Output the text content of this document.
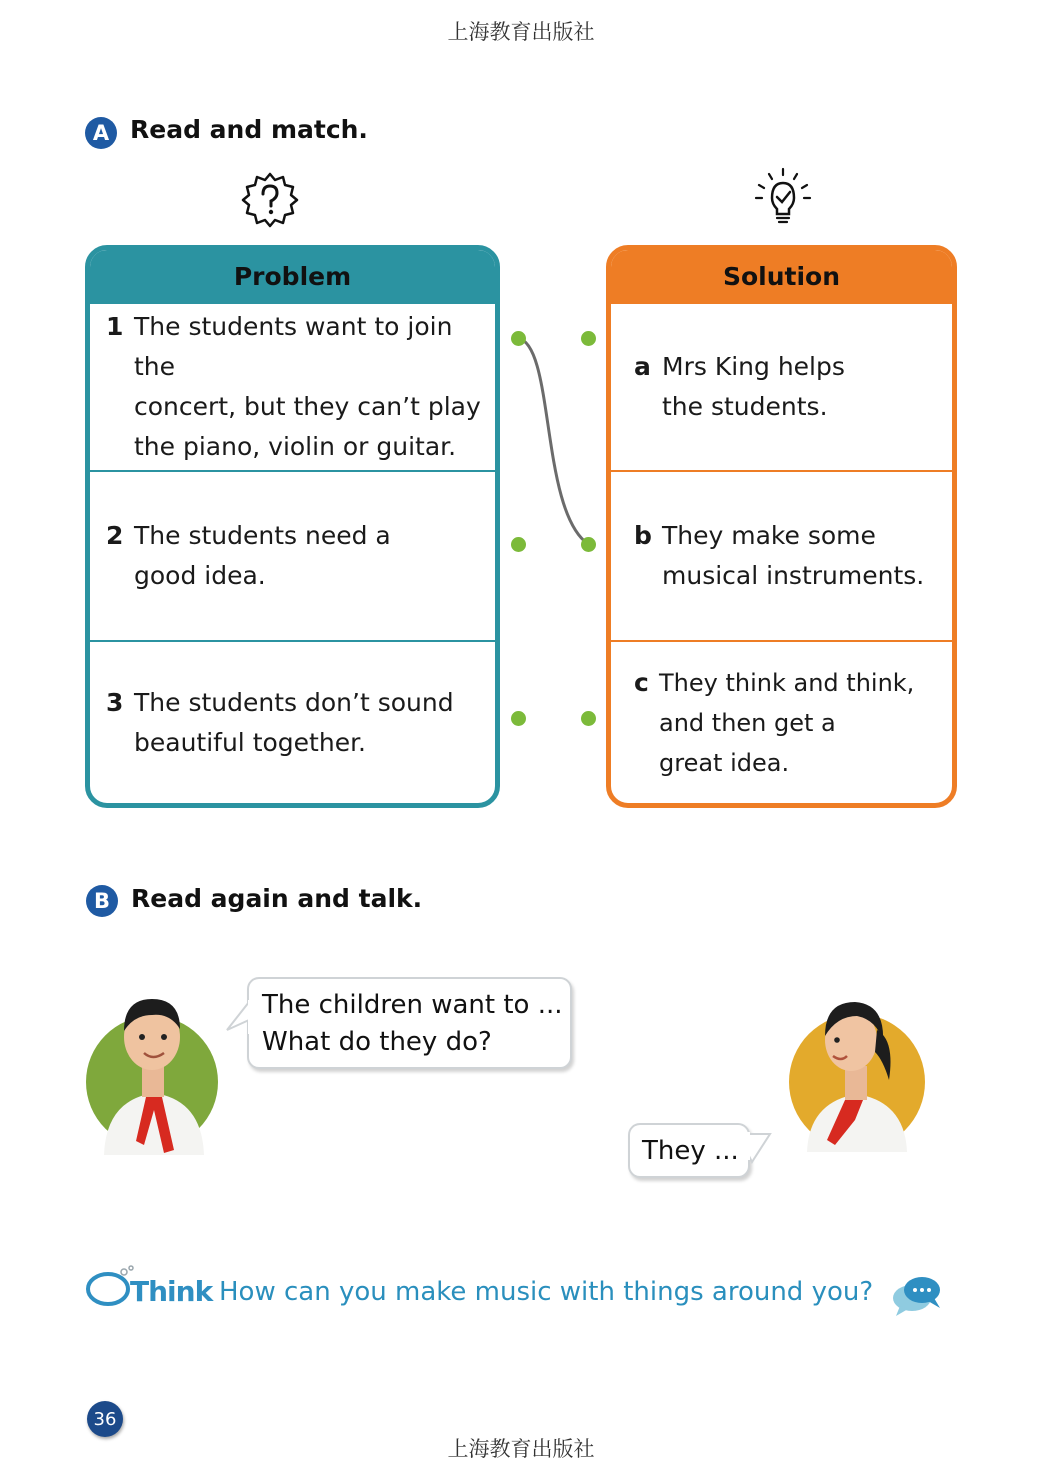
上海教育出版社
A Read and match.
Problem
1 The students want to join the
concert, but they can’t play
the piano, violin or guitar.
2 The students need a
good idea.
3 The students don’t sound
beautiful together.
Solution
a Mrs King helps
the students.
b They make some
musical instruments.
c They think and think,
and then get a
great idea.
B Read again and talk.
The children want to ...
What do they do?
They ...
Think How can you make music with things around you?
36
上海教育出版社
